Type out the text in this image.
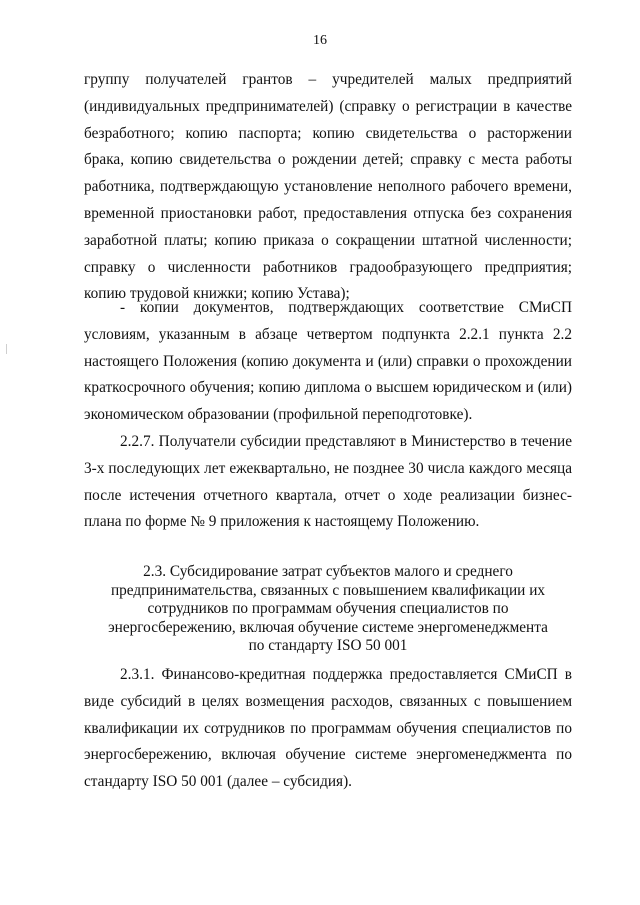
16

группу получателей грантов – учредителей малых предприятий (индивидуальных предпринимателей) (справку о регистрации в качестве безработного; копию паспорта; копию свидетельства о расторжении брака, копию свидетельства о рождении детей; справку с места работы работника, подтверждающую установление неполного рабочего времени, временной приостановки работ, предоставления отпуска без сохранения заработной платы; копию приказа о сокращении штатной численности; справку о численности работников градообразующего предприятия; копию трудовой книжки; копию Устава);

- копии документов, подтверждающих соответствие СМиСП условиям, указанным в абзаце четвертом подпункта 2.2.1 пункта 2.2 настоящего Положения (копию документа и (или) справки о прохождении краткосрочного обучения; копию диплома о высшем юридическом и (или) экономическом образовании (профильной переподготовке).

2.2.7. Получатели субсидии представляют в Министерство в течение 3-х последующих лет ежеквартально, не позднее 30 числа каждого месяца после истечения отчетного квартала, отчет о ходе реализации бизнес-плана по форме № 9 приложения к настоящему Положению.

2.3. Субсидирование затрат субъектов малого и среднего
предпринимательства, связанных с повышением квалификации их
сотрудников по программам обучения специалистов по
энергосбережению, включая обучение системе энергоменеджмента
по стандарту ISO 50 001

2.3.1. Финансово-кредитная поддержка предоставляется СМиСП в виде субсидий в целях возмещения расходов, связанных с повышением квалификации их сотрудников по программам обучения специалистов по энергосбережению, включая обучение системе энергоменеджмента по стандарту ISO 50 001 (далее – субсидия).
